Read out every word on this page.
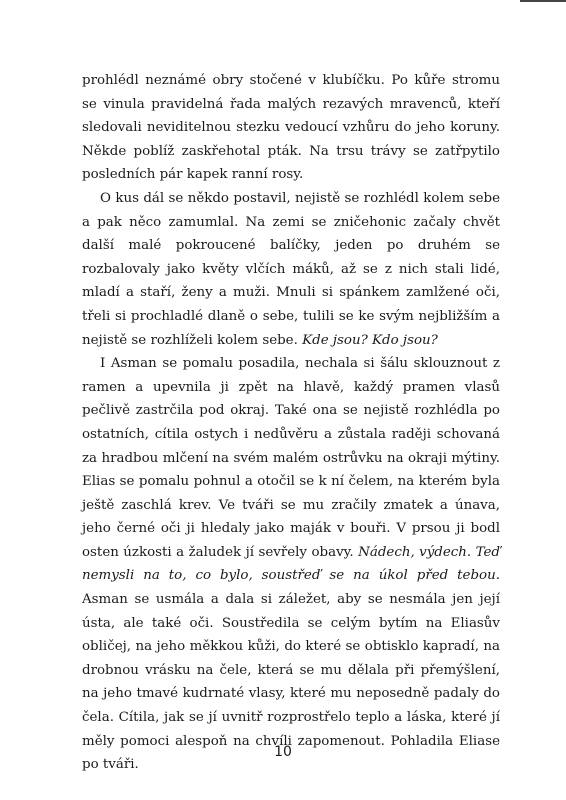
prohlédl neznámé obry stočené v klubíčku. Po kůře stromu se vinula pravidelná řada malých rezavých mravenců, kteří sledovali neviditelnou stezku vedoucí vzhůru do jeho koruny. Někde poblíž zaskřehotal pták. Na trsu trávy se zatřpytilo posledních pár kapek ranní rosy.

O kus dál se někdo postavil, nejistě se rozhlédl kolem sebe a pak něco zamumlal. Na zemi se zničehonic začaly chvět další malé pokroucené balíčky, jeden po druhém se rozbalovaly jako květy vlčích máků, až se z nich stali lidé, mladí a staří, ženy a muži. Mnuli si spánkem zamlžené oči, třeli si prochladlé dlaně o sebe, tulili se ke svým nejbližším a nejistě se rozhlíželi kolem sebe. Kde jsou? Kdo jsou?

I Asman se pomalu posadila, nechala si šálu sklouznout z ramen a upevnila ji zpět na hlavě, každý pramen vlasů pečlivě zastrčila pod okraj. Také ona se nejistě rozhlédla po ostatních, cítila ostych i nedůvěru a zůstala raději schovaná za hradbou mlčení na svém malém ostrůvku na okraji mýtiny. Elias se pomalu pohnul a otočil se k ní čelem, na kterém byla ještě zaschlá krev. Ve tváři se mu zračily zmatek a únava, jeho černé oči ji hledaly jako maják v bouři. V prsou ji bodl osten úzkosti a žaludek jí sevřely obavy. Nádech, výdech. Teď nemysli na to, co bylo, soustřeď se na úkol před tebou. Asman se usmála a dala si záležet, aby se nesmála jen její ústa, ale také oči. Soustředila se celým bytím na Eliasův obličej, na jeho měkkou kůži, do které se obtisklo kapradí, na drobnou vrásku na čele, která se mu dělala při přemýšlení, na jeho tmavé kudrnaté vlasy, které mu neposedně padaly do čela. Cítila, jak se jí uvnitř rozprostřelo teplo a láska, které jí měly pomoci alespoň na chvíli zapomenout. Pohladila Eliase po tváři.

10
